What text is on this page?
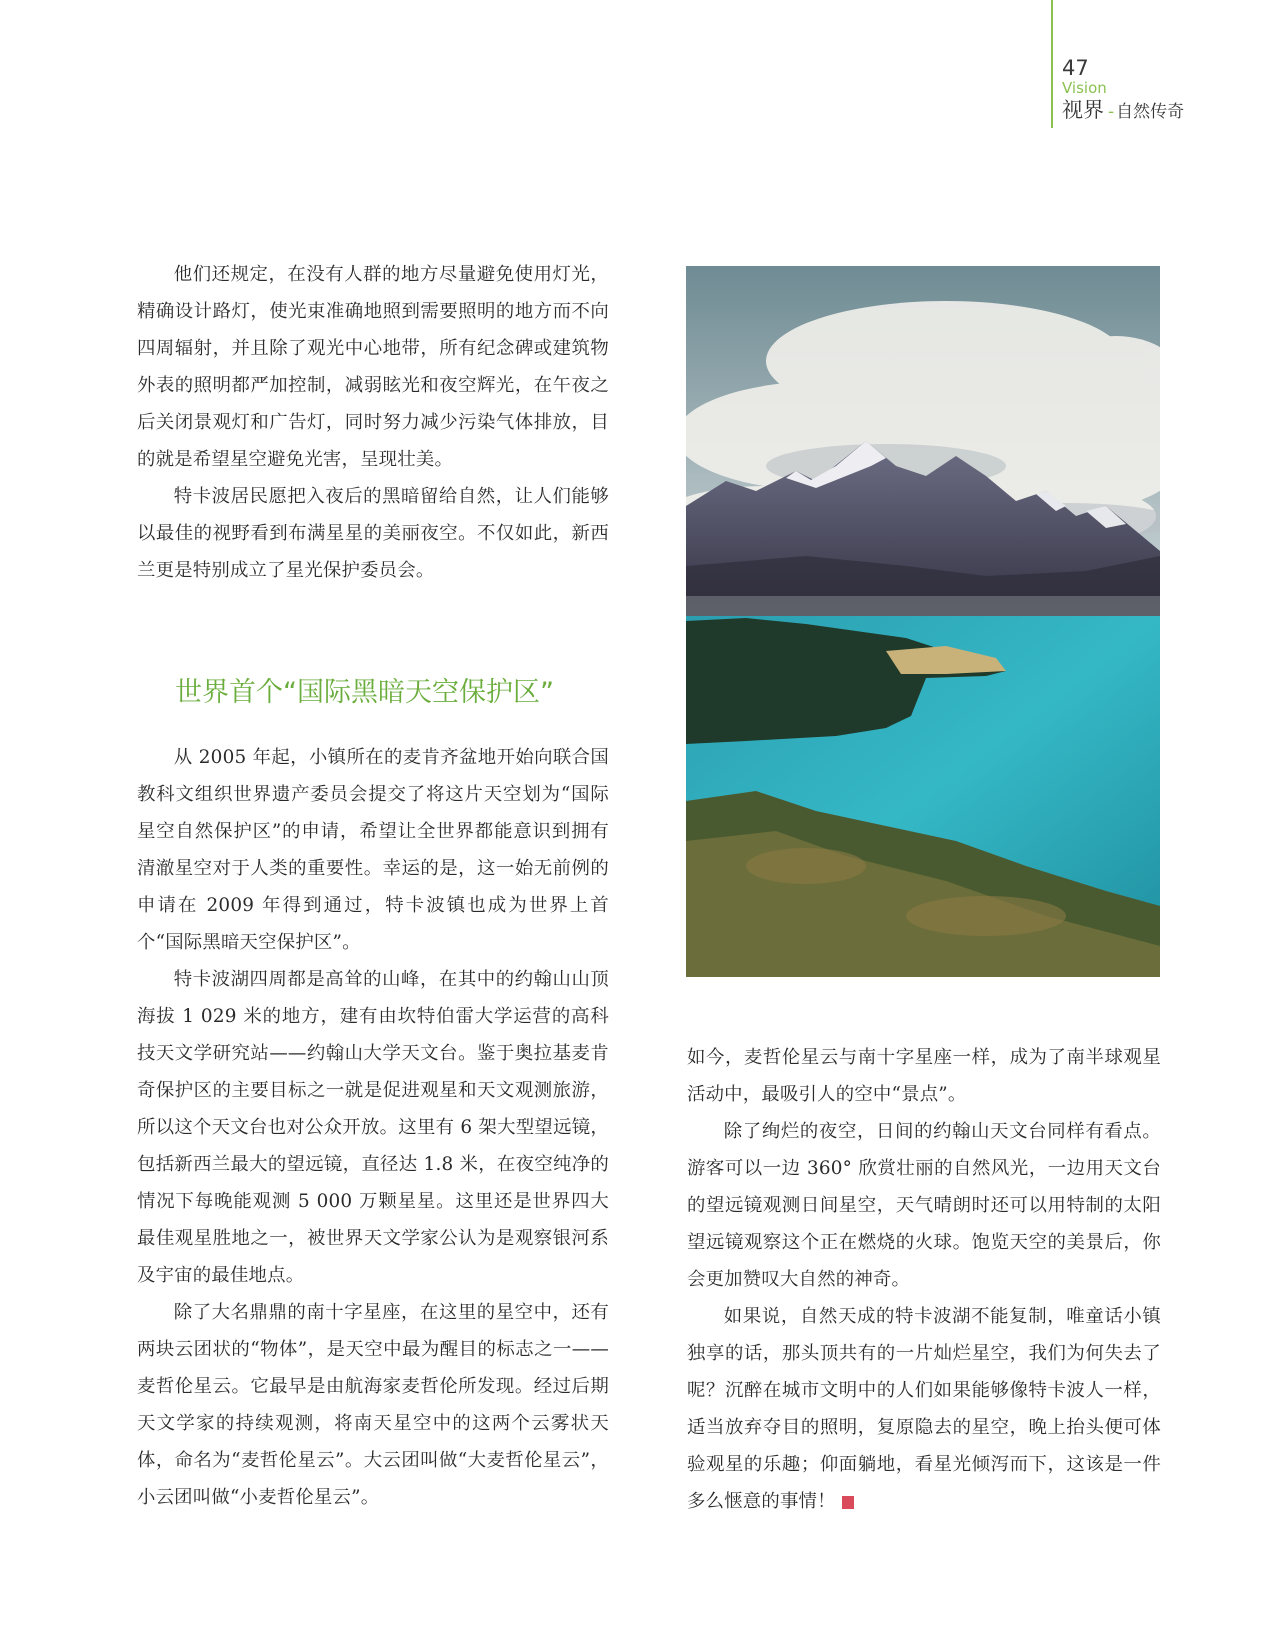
47
Vision
视界 - 自然传奇

他们还规定，在没有人群的地方尽量避免使用灯光，精确设计路灯，使光束准确地照到需要照明的地方而不向四周辐射，并且除了观光中心地带，所有纪念碑或建筑物外表的照明都严加控制，减弱眩光和夜空辉光，在午夜之后关闭景观灯和广告灯，同时努力减少污染气体排放，目的就是希望星空避免光害，呈现壮美。

特卡波居民愿把入夜后的黑暗留给自然，让人们能够以最佳的视野看到布满星星的美丽夜空。不仅如此，新西兰更是特别成立了星光保护委员会。

世界首个“国际黑暗天空保护区”

从 2005 年起，小镇所在的麦肯齐盆地开始向联合国教科文组织世界遗产委员会提交了将这片天空划为“国际星空自然保护区”的申请，希望让全世界都能意识到拥有清澈星空对于人类的重要性。幸运的是，这一始无前例的申请在 2009 年得到通过，特卡波镇也成为世界上首个“国际黑暗天空保护区”。

特卡波湖四周都是高耸的山峰，在其中的约翰山山顶海拔 1 029 米的地方，建有由坎特伯雷大学运营的高科技天文学研究站——约翰山大学天文台。鉴于奥拉基麦肯奇保护区的主要目标之一就是促进观星和天文观测旅游，所以这个天文台也对公众开放。这里有 6 架大型望远镜，包括新西兰最大的望远镜，直径达 1.8 米，在夜空纯净的情况下每晚能观测 5 000 万颗星星。这里还是世界四大最佳观星胜地之一，被世界天文学家公认为是观察银河系及宇宙的最佳地点。

除了大名鼎鼎的南十字星座，在这里的星空中，还有两块云团状的“物体”，是天空中最为醒目的标志之一——麦哲伦星云。它最早是由航海家麦哲伦所发现。经过后期天文学家的持续观测，将南天星空中的这两个云雾状天体，命名为“麦哲伦星云”。大云团叫做“大麦哲伦星云”，小云团叫做“小麦哲伦星云”。

如今，麦哲伦星云与南十字星座一样，成为了南半球观星活动中，最吸引人的空中“景点”。

除了绚烂的夜空，日间的约翰山天文台同样有看点。游客可以一边 360° 欣赏壮丽的自然风光，一边用天文台的望远镜观测日间星空，天气晴朗时还可以用特制的太阳望远镜观察这个正在燃烧的火球。饱览天空的美景后，你会更加赞叹大自然的神奇。

如果说，自然天成的特卡波湖不能复制，唯童话小镇独享的话，那头顶共有的一片灿烂星空，我们为何失去了呢？沉醉在城市文明中的人们如果能够像特卡波人一样，适当放弃夺目的照明，复原隐去的星空，晚上抬头便可体验观星的乐趣；仰面躺地，看星光倾泻而下，这该是一件多么惬意的事情！	S
